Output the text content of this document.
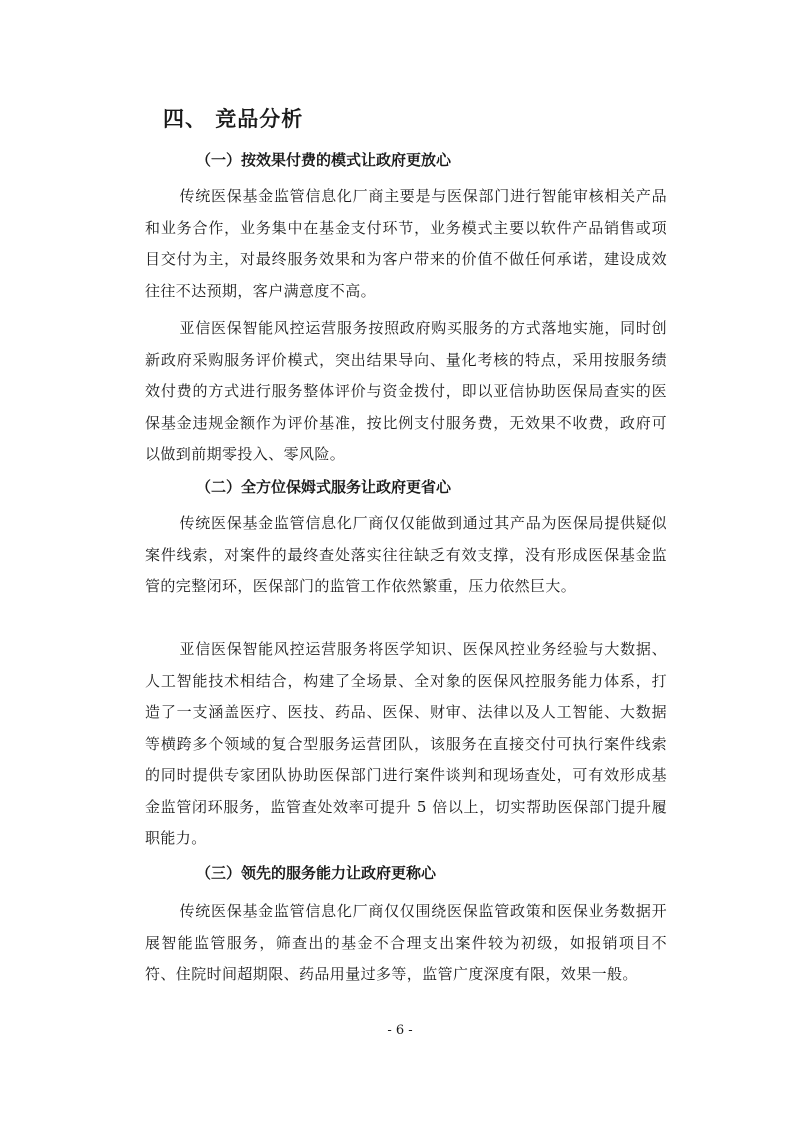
四、 竞品分析
（一）按效果付费的模式让政府更放心

传统医保基金监管信息化厂商主要是与医保部门进行智能审核相关产品和业务合作，业务集中在基金支付环节，业务模式主要以软件产品销售或项目交付为主，对最终服务效果和为客户带来的价值不做任何承诺，建设成效往往不达预期，客户满意度不高。

亚信医保智能风控运营服务按照政府购买服务的方式落地实施，同时创新政府采购服务评价模式，突出结果导向、量化考核的特点，采用按服务绩效付费的方式进行服务整体评价与资金拨付，即以亚信协助医保局查实的医保基金违规金额作为评价基准，按比例支付服务费，无效果不收费，政府可以做到前期零投入、零风险。

（二）全方位保姆式服务让政府更省心

传统医保基金监管信息化厂商仅仅能做到通过其产品为医保局提供疑似案件线索，对案件的最终查处落实往往缺乏有效支撑，没有形成医保基金监管的完整闭环，医保部门的监管工作依然繁重，压力依然巨大。

亚信医保智能风控运营服务将医学知识、医保风控业务经验与大数据、人工智能技术相结合，构建了全场景、全对象的医保风控服务能力体系，打造了一支涵盖医疗、医技、药品、医保、财审、法律以及人工智能、大数据等横跨多个领域的复合型服务运营团队，该服务在直接交付可执行案件线索的同时提供专家团队协助医保部门进行案件谈判和现场查处，可有效形成基金监管闭环服务，监管查处效率可提升 5 倍以上，切实帮助医保部门提升履职能力。

（三）领先的服务能力让政府更称心

传统医保基金监管信息化厂商仅仅围绕医保监管政策和医保业务数据开展智能监管服务，筛查出的基金不合理支出案件较为初级，如报销项目不符、住院时间超期限、药品用量过多等，监管广度深度有限，效果一般。

- 6 -
